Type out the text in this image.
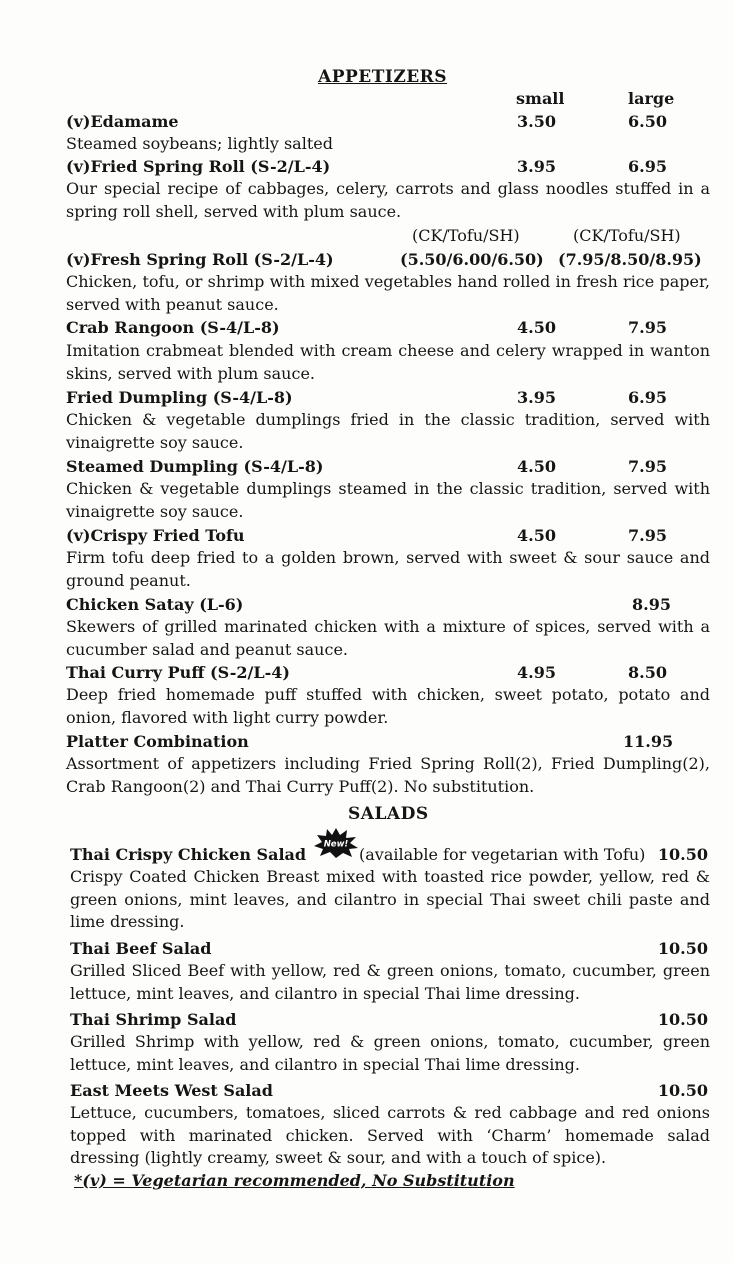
APPETIZERS
small	large
(v)Edamame	3.50	6.50
Steamed soybeans; lightly salted
(v)Fried Spring Roll (S-2/L-4)	3.95	6.95
Our special recipe of cabbages, celery, carrots and glass noodles stuffed in a spring roll shell, served with plum sauce.
(CK/Tofu/SH)	(CK/Tofu/SH)
(v)Fresh Spring Roll (S-2/L-4)	(5.50/6.00/6.50) (7.95/8.50/8.95)
Chicken, tofu, or shrimp with mixed vegetables hand rolled in fresh rice paper, served with peanut sauce.
Crab Rangoon (S-4/L-8)	4.50	7.95
Imitation crabmeat blended with cream cheese and celery wrapped in wanton skins, served with plum sauce.
Fried Dumpling (S-4/L-8)	3.95	6.95
Chicken & vegetable dumplings fried in the classic tradition, served with vinaigrette soy sauce.
Steamed Dumpling (S-4/L-8)	4.50	7.95
Chicken & vegetable dumplings steamed in the classic tradition, served with vinaigrette soy sauce.
(v)Crispy Fried Tofu	4.50	7.95
Firm tofu deep fried to a golden brown, served with sweet & sour sauce and ground peanut.
Chicken Satay (L-6)	8.95
Skewers of grilled marinated chicken with a mixture of spices, served with a cucumber salad and peanut sauce.
Thai Curry Puff (S-2/L-4)	4.95	8.50
Deep fried homemade puff stuffed with chicken, sweet potato, potato and onion, flavored with light curry powder.
Platter Combination	11.95
Assortment of appetizers including Fried Spring Roll(2), Fried Dumpling(2), Crab Rangoon(2) and Thai Curry Puff(2). No substitution.
SALADS
Thai Crispy Chicken Salad	(available for vegetarian with Tofu) 10.50
New!
Crispy Coated Chicken Breast mixed with toasted rice powder, yellow, red & green onions, mint leaves, and cilantro in special Thai sweet chili paste and lime dressing.
Thai Beef Salad	10.50
Grilled Sliced Beef with yellow, red & green onions, tomato, cucumber, green lettuce, mint leaves, and cilantro in special Thai lime dressing.
Thai Shrimp Salad	10.50
Grilled Shrimp with yellow, red & green onions, tomato, cucumber, green lettuce, mint leaves, and cilantro in special Thai lime dressing.
East Meets West Salad	10.50
Lettuce, cucumbers, tomatoes, sliced carrots & red cabbage and red onions topped with marinated chicken. Served with ‘Charm’ homemade salad dressing (lightly creamy, sweet & sour, and with a touch of spice).
*(v) = Vegetarian recommended, No Substitution
